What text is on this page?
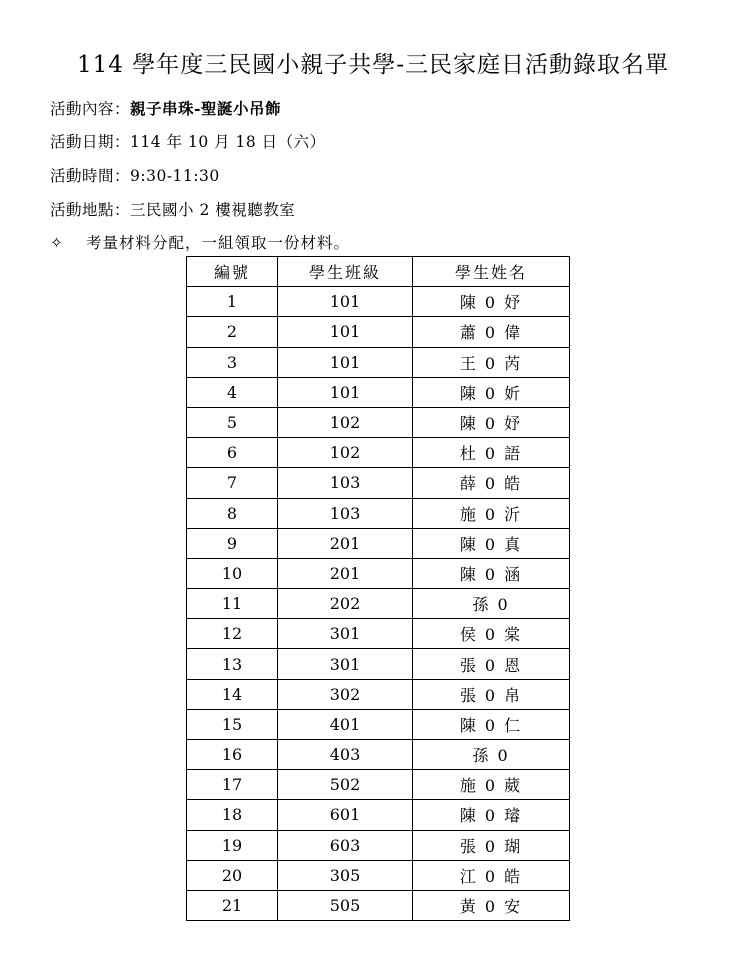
114 學年度三民國小親子共學-三民家庭日活動錄取名單
活動內容：親子串珠-聖誕小吊飾
活動日期：114 年 10 月 18 日（六）
活動時間：9:30-11:30
活動地點：三民國小 2 樓視聽教室
✧ 考量材料分配，一組領取一份材料。
編號	學生班級	學生姓名
1	101	陳 0 妤
2	101	蕭 0 偉
3	101	王 0 芮
4	101	陳 0 妡
5	102	陳 0 妤
6	102	杜 0 語
7	103	薛 0 皓
8	103	施 0 沂
9	201	陳 0 真
10	201	陳 0 涵
11	202	孫 0
12	301	侯 0 棠
13	301	張 0 恩
14	302	張 0 帛
15	401	陳 0 仁
16	403	孫 0
17	502	施 0 葳
18	601	陳 0 璿
19	603	張 0 瑚
20	305	江 0 皓
21	505	黃 0 安
